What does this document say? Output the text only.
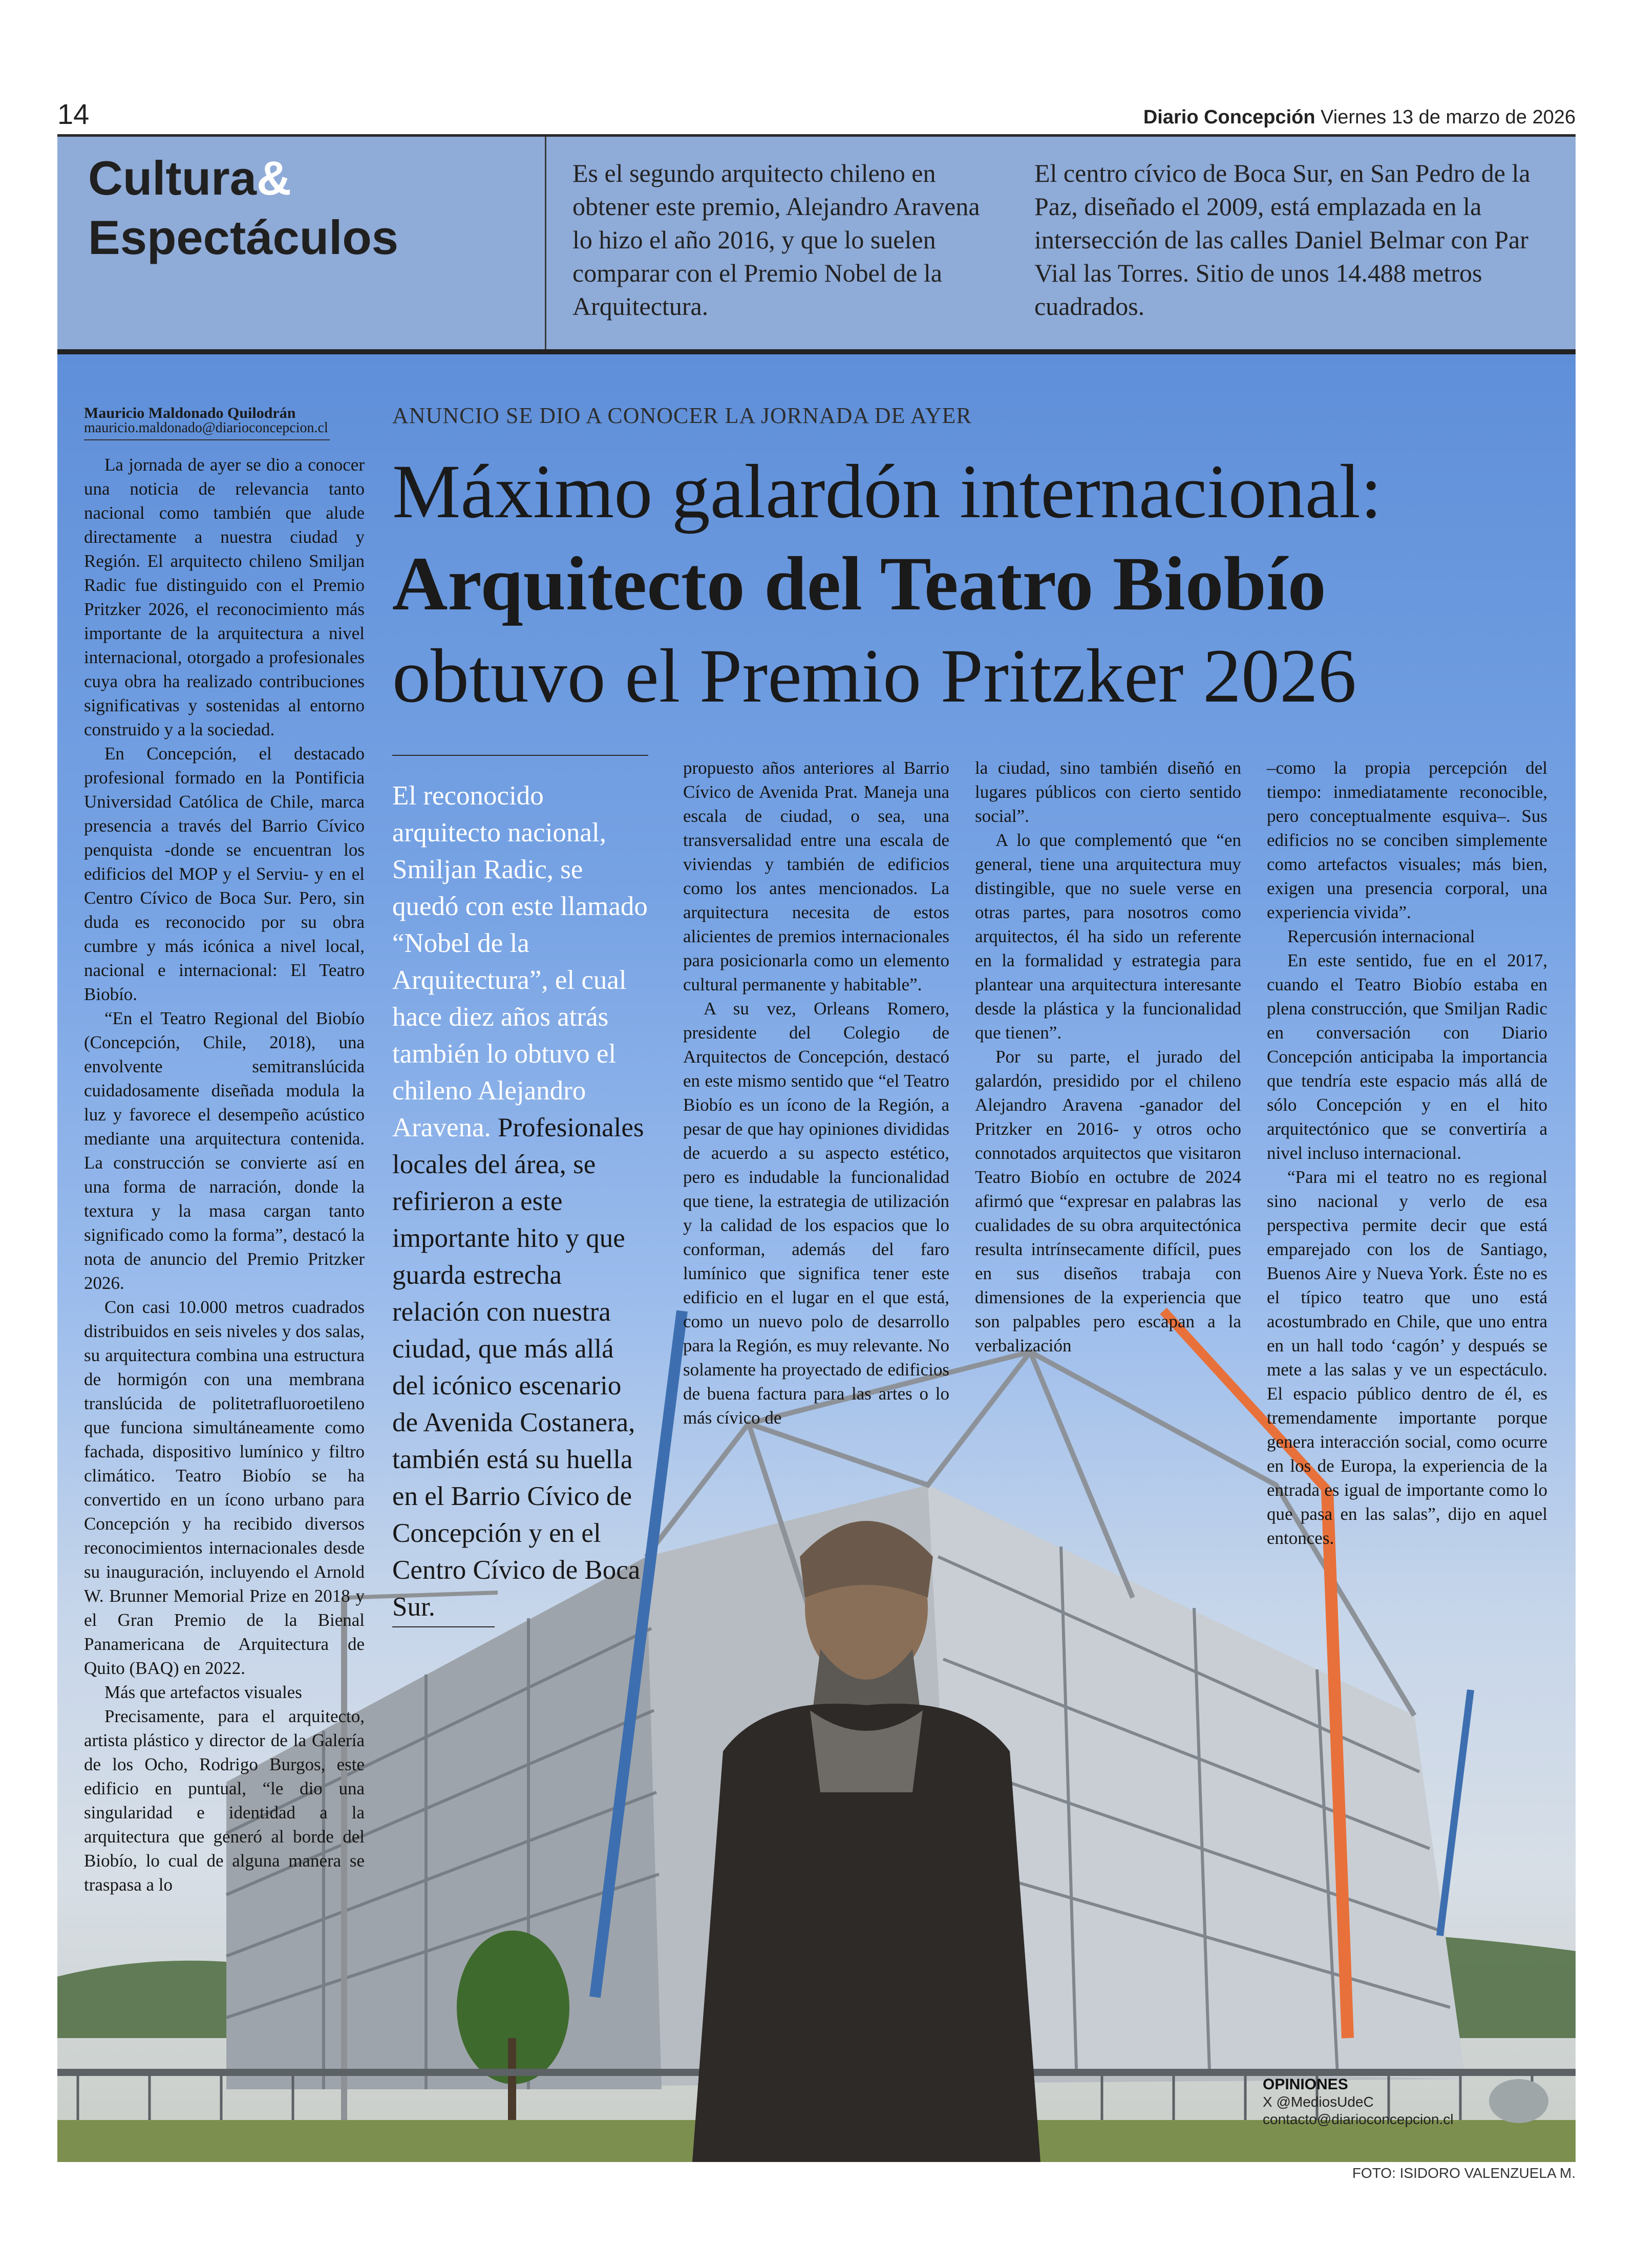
14	Diario Concepción Viernes 13 de marzo de 2026
Cultura&
Espectáculos
Es el segundo arquitecto chileno en obtener este premio, Alejandro Aravena lo hizo el año 2016, y que lo suelen comparar con el Premio Nobel de la Arquitectura.
El centro cívico de Boca Sur, en San Pedro de la Paz, diseñado el 2009, está emplazada en la intersección de las calles Daniel Belmar con Par Vial las Torres. Sitio de unos 14.488 metros cuadrados.
Mauricio Maldonado Quilodrán
mauricio.maldonado@diarioconcepcion.cl	ANUNCIO SE DIO A CONOCER LA JORNADA DE AYER
Máximo galardón internacional:
Arquitecto del Teatro Biobío
obtuvo el Premio Pritzker 2026

La jornada de ayer se dio a conocer una noticia de relevancia tanto nacional como también que alude directamente a nuestra ciudad y Región. El arquitecto chileno Smiljan Radic fue distinguido con el Premio Pritzker 2026, el reconocimiento más importante de la arquitectura a nivel internacional, otorgado a profesionales cuya obra ha realizado contribuciones significativas y sostenidas al entorno construido y a la sociedad.

En Concepción, el destacado profesional formado en la Pontificia Universidad Católica de Chile, marca presencia a través del Barrio Cívico penquista -donde se encuentran los edificios del MOP y el Serviu- y en el Centro Cívico de Boca Sur. Pero, sin duda es reconocido por su obra cumbre y más icónica a nivel local, nacional e internacional: El Teatro Biobío.

“En el Teatro Regional del Biobío (Concepción, Chile, 2018), una envolvente semitranslúcida cuidadosamente diseñada modula la luz y favorece el desempeño acústico mediante una arquitectura contenida. La construcción se convierte así en una forma de narración, donde la textura y la masa cargan tanto significado como la forma”, destacó la nota de anuncio del Premio Pritzker 2026.

Con casi 10.000 metros cuadrados distribuidos en seis niveles y dos salas, su arquitectura combina una estructura de hormigón con una membrana translúcida de politetrafluoroetileno que funciona simultáneamente como fachada, dispositivo lumínico y filtro climático. Teatro Biobío se ha convertido en un ícono urbano para Concepción y ha recibido diversos reconocimientos internacionales desde su inauguración, incluyendo el Arnold W. Brunner Memorial Prize en 2018 y el Gran Premio de la Bienal Panamericana de Arquitectura de Quito (BAQ) en 2022.

Más que artefactos visuales

Precisamente, para el arquitecto, artista plástico y director de la Galería de los Ocho, Rodrigo Burgos, este edificio en puntual, “le dio una singularidad e identidad a la arquitectura que generó al borde del Biobío, lo cual de alguna manera se traspasa a lo

El reconocido arquitecto nacional, Smiljan Radic, se quedó con este llamado “Nobel de la Arquitectura”, el cual hace diez años atrás también lo obtuvo el chileno Alejandro Aravena. Profesionales locales del área, se refirieron a este importante hito y que guarda estrecha relación con nuestra ciudad, que más allá del icónico escenario de Avenida Costanera, también está su huella en el Barrio Cívico de Concepción y en el Centro Cívico de Boca Sur.

propuesto años anteriores al Barrio Cívico de Avenida Prat. Maneja una escala de ciudad, o sea, una transversalidad entre una escala de viviendas y también de edificios como los antes mencionados. La arquitectura necesita de estos alicientes de premios internacionales para posicionarla como un elemento cultural permanente y habitable”.

A su vez, Orleans Romero, presidente del Colegio de Arquitectos de Concepción, destacó en este mismo sentido que “el Teatro Biobío es un ícono de la Región, a pesar de que hay opiniones divididas de acuerdo a su aspecto estético, pero es indudable la funcionalidad que tiene, la estrategia de utilización y la calidad de los espacios que lo conforman, además del faro lumínico que significa tener este edificio en el lugar en el que está, como un nuevo polo de desarrollo para la Región, es muy relevante. No solamente ha proyectado de edificios de buena factura para las artes o lo más cívico de

la ciudad, sino también diseñó en lugares públicos con cierto sentido social”.

A lo que complementó que “en general, tiene una arquitectura muy distingible, que no suele verse en otras partes, para nosotros como arquitectos, él ha sido un referente en la formalidad y estrategia para plantear una arquitectura interesante desde la plástica y la funcionalidad que tienen”.

Por su parte, el jurado del galardón, presidido por el chileno Alejandro Aravena -ganador del Pritzker en 2016- y otros ocho connotados arquitectos que visitaron Teatro Biobío en octubre de 2024 afirmó que “expresar en palabras las cualidades de su obra arquitectónica resulta intrínsecamente difícil, pues en sus diseños trabaja con dimensiones de la experiencia que son palpables pero escapan a la verbalización

–como la propia percepción del tiempo: inmediatamente reconocible, pero conceptualmente esquiva–. Sus edificios no se conciben simplemente como artefactos visuales; más bien, exigen una presencia corporal, una experiencia vivida”.

Repercusión internacional

En este sentido, fue en el 2017, cuando el Teatro Biobío estaba en plena construcción, que Smiljan Radic en conversación con Diario Concepción anticipaba la importancia que tendría este espacio más allá de sólo Concepción y en el hito arquitectónico que se convertiría a nivel incluso internacional.

“Para mi el teatro no es regional sino nacional y verlo de esa perspectiva permite decir que está emparejado con los de Santiago, Buenos Aire y Nueva York. Éste no es el típico teatro que uno está acostumbrado en Chile, que uno entra en un hall todo ‘cagón’ y después se mete a las salas y ve un espectáculo. El espacio público dentro de él, es tremendamente importante porque genera interacción social, como ocurre en los de Europa, la experiencia de la entrada es igual de importante como lo que pasa en las salas”, dijo en aquel entonces.

OPINIONES
X @MediosUdeC
contacto@diarioconcepcion.cl
FOTO: ISIDORO VALENZUELA M.
